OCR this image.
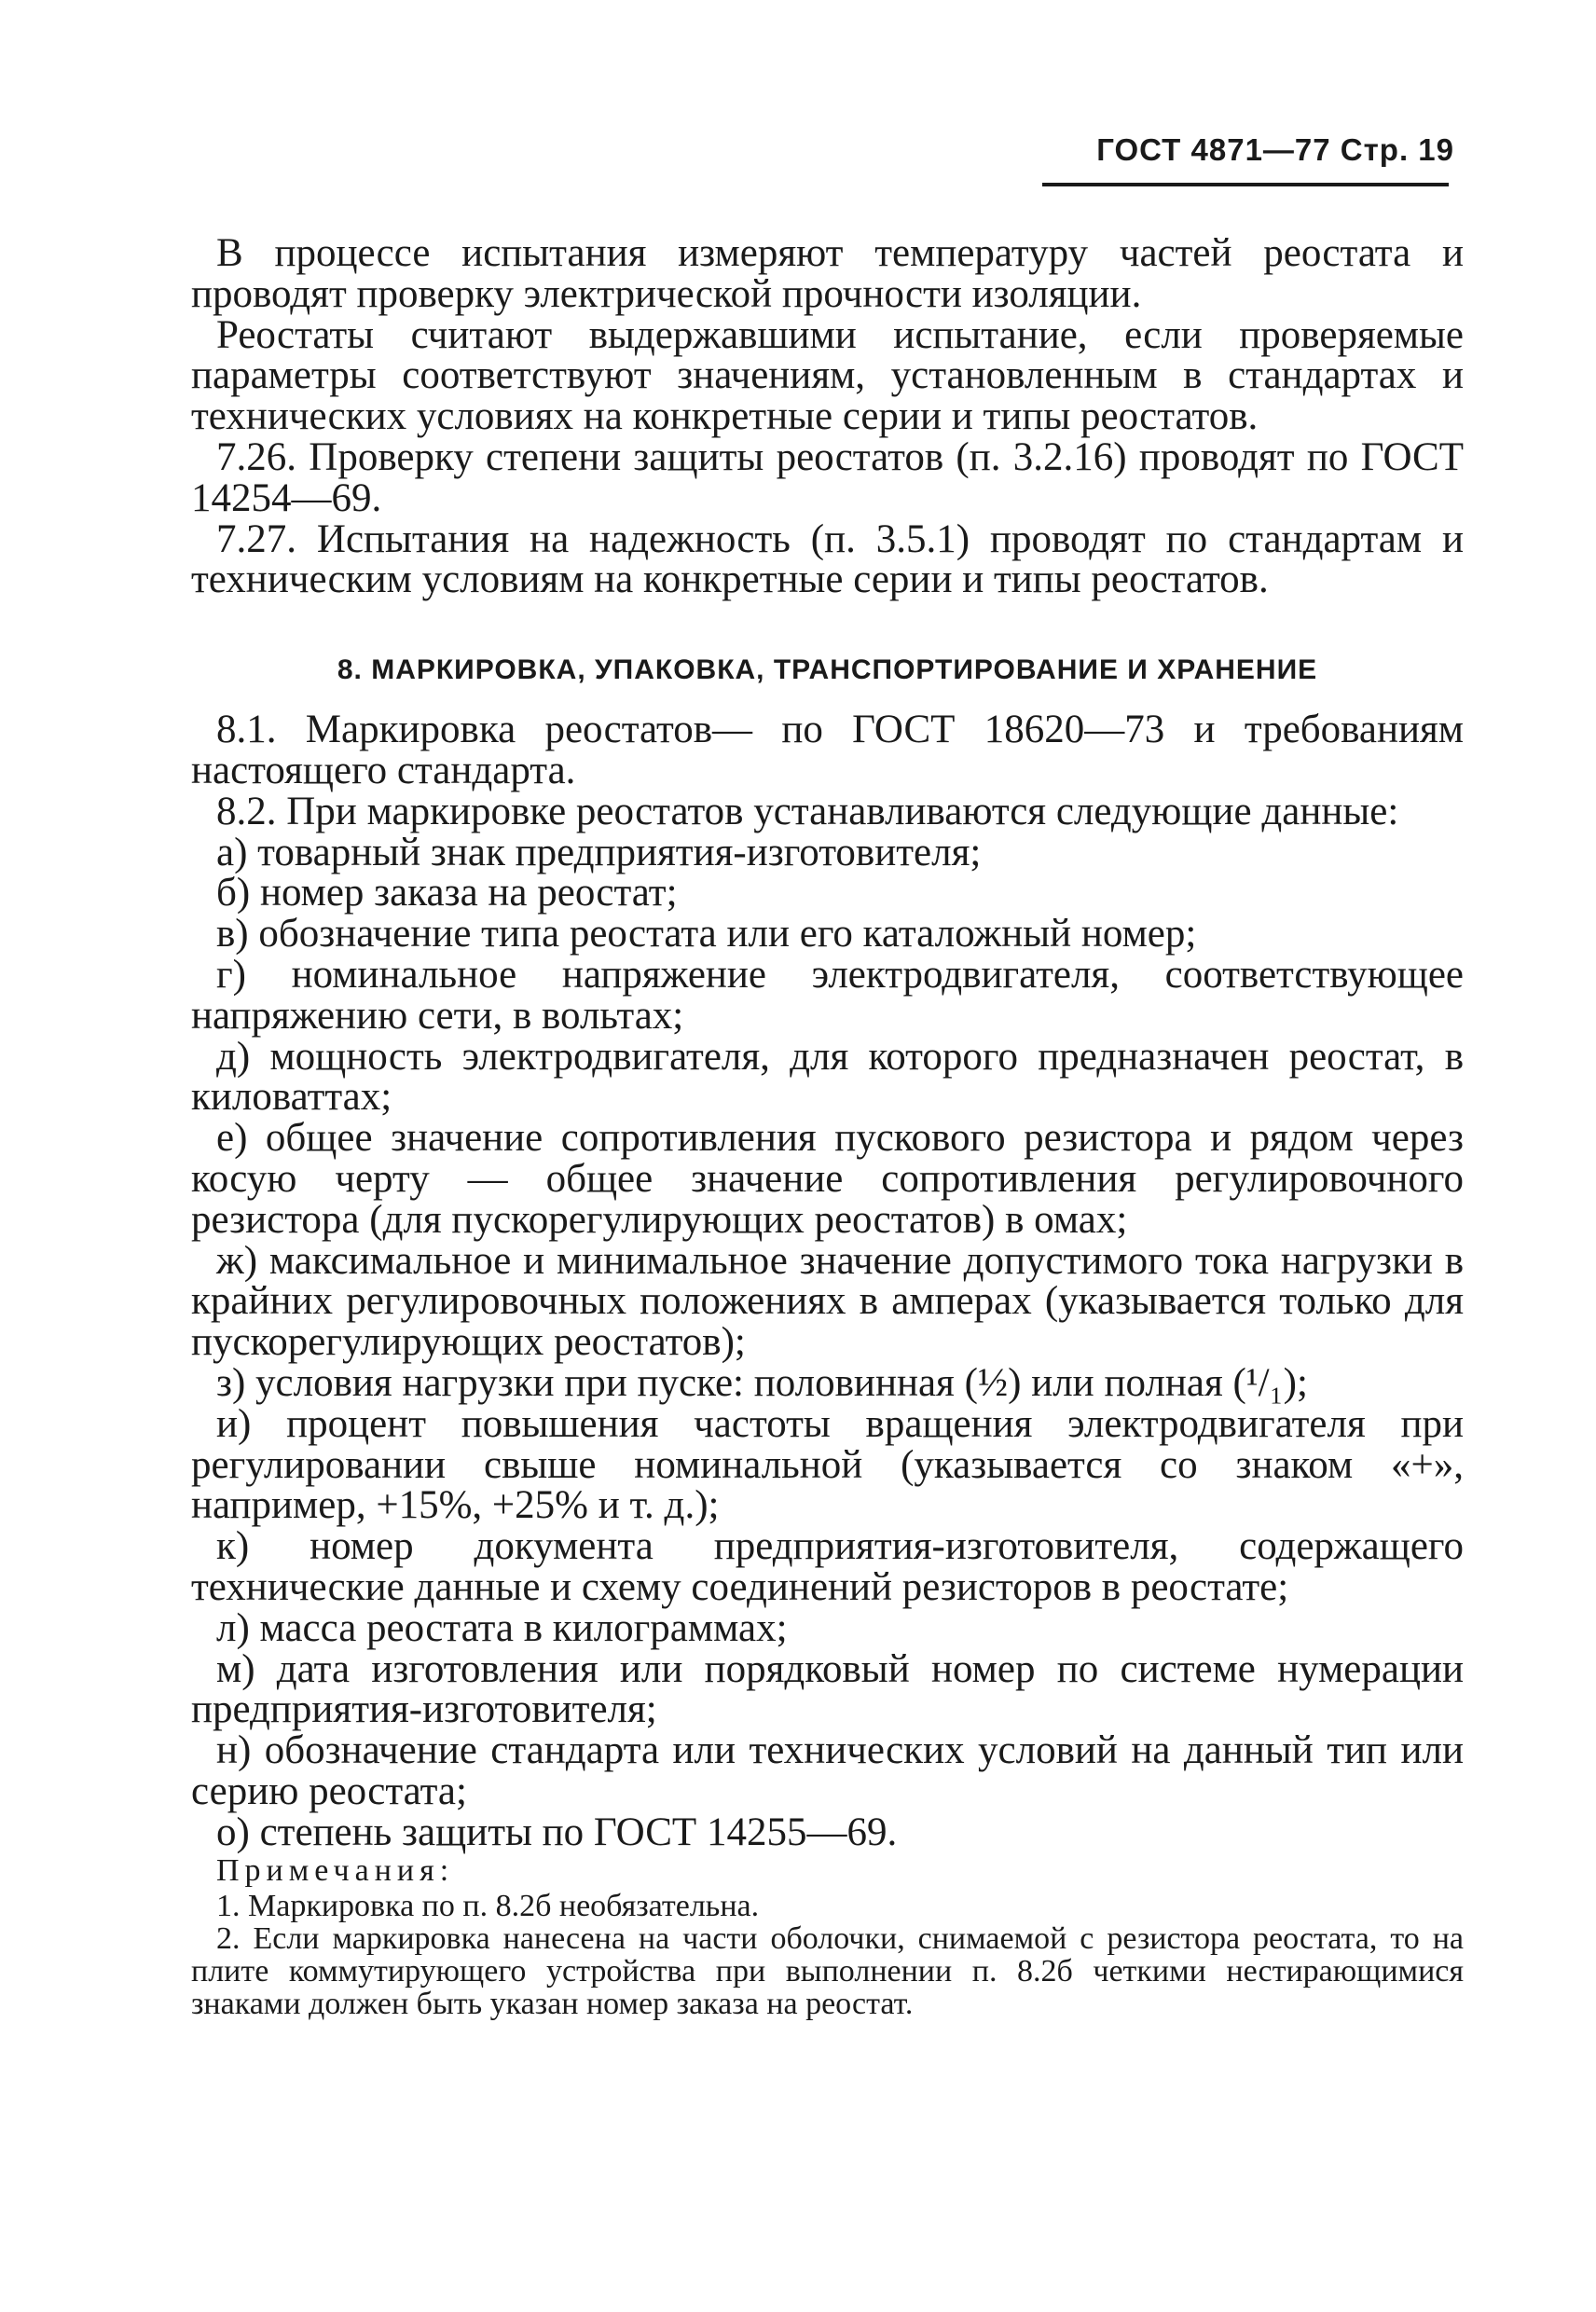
ГОСТ 4871—77 Стр. 19

В процессе испытания измеряют температуру частей реостата и проводят проверку электрической прочности изоляции.

Реостаты считают выдержавшими испытание, если проверяемые параметры соответствуют значениям, установленным в стандартах и технических условиях на конкретные серии и типы реостатов.

7.26. Проверку степени защиты реостатов (п. 3.2.16) проводят по ГОСТ 14254—69.

7.27. Испытания на надежность (п. 3.5.1) проводят по стандартам и техническим условиям на конкретные серии и типы реостатов.

8. МАРКИРОВКА, УПАКОВКА, ТРАНСПОРТИРОВАНИЕ И ХРАНЕНИЕ

8.1. Маркировка реостатов— по ГОСТ 18620—73 и требованиям настоящего стандарта.

8.2. При маркировке реостатов устанавливаются следующие данные:

а) товарный знак предприятия-изготовителя;

б) номер заказа на реостат;

в) обозначение типа реостата или его каталожный номер;

г) номинальное напряжение электродвигателя, соответствующее напряжению сети, в вольтах;

д) мощность электродвигателя, для которого предназначен реостат, в киловаттах;

е) общее значение сопротивления пускового резистора и рядом через косую черту — общее значение сопротивления регулировочного резистора (для пускорегулирующих реостатов) в омах;

ж) максимальное и минимальное значение допустимого тока нагрузки в крайних регулировочных положениях в амперах (указывается только для пускорегулирующих реостатов);

з) условия нагрузки при пуске: половинная (½) или полная (¹/₁);

и) процент повышения частоты вращения электродвигателя при регулировании свыше номинальной (указывается со знаком «+», например, +15%, +25% и т. д.);

к) номер документа предприятия-изготовителя, содержащего технические данные и схему соединений резисторов в реостате;

л) масса реостата в килограммах;

м) дата изготовления или порядковый номер по системе нумерации предприятия-изготовителя;

н) обозначение стандарта или технических условий на данный тип или серию реостата;

о) степень защиты по ГОСТ 14255—69.

Примечания:

1. Маркировка по п. 8.2б необязательна.

2. Если маркировка нанесена на части оболочки, снимаемой с резистора реостата, то на плите коммутирующего устройства при выполнении п. 8.2б четкими нестирающимися знаками должен быть указан номер заказа на реостат.
